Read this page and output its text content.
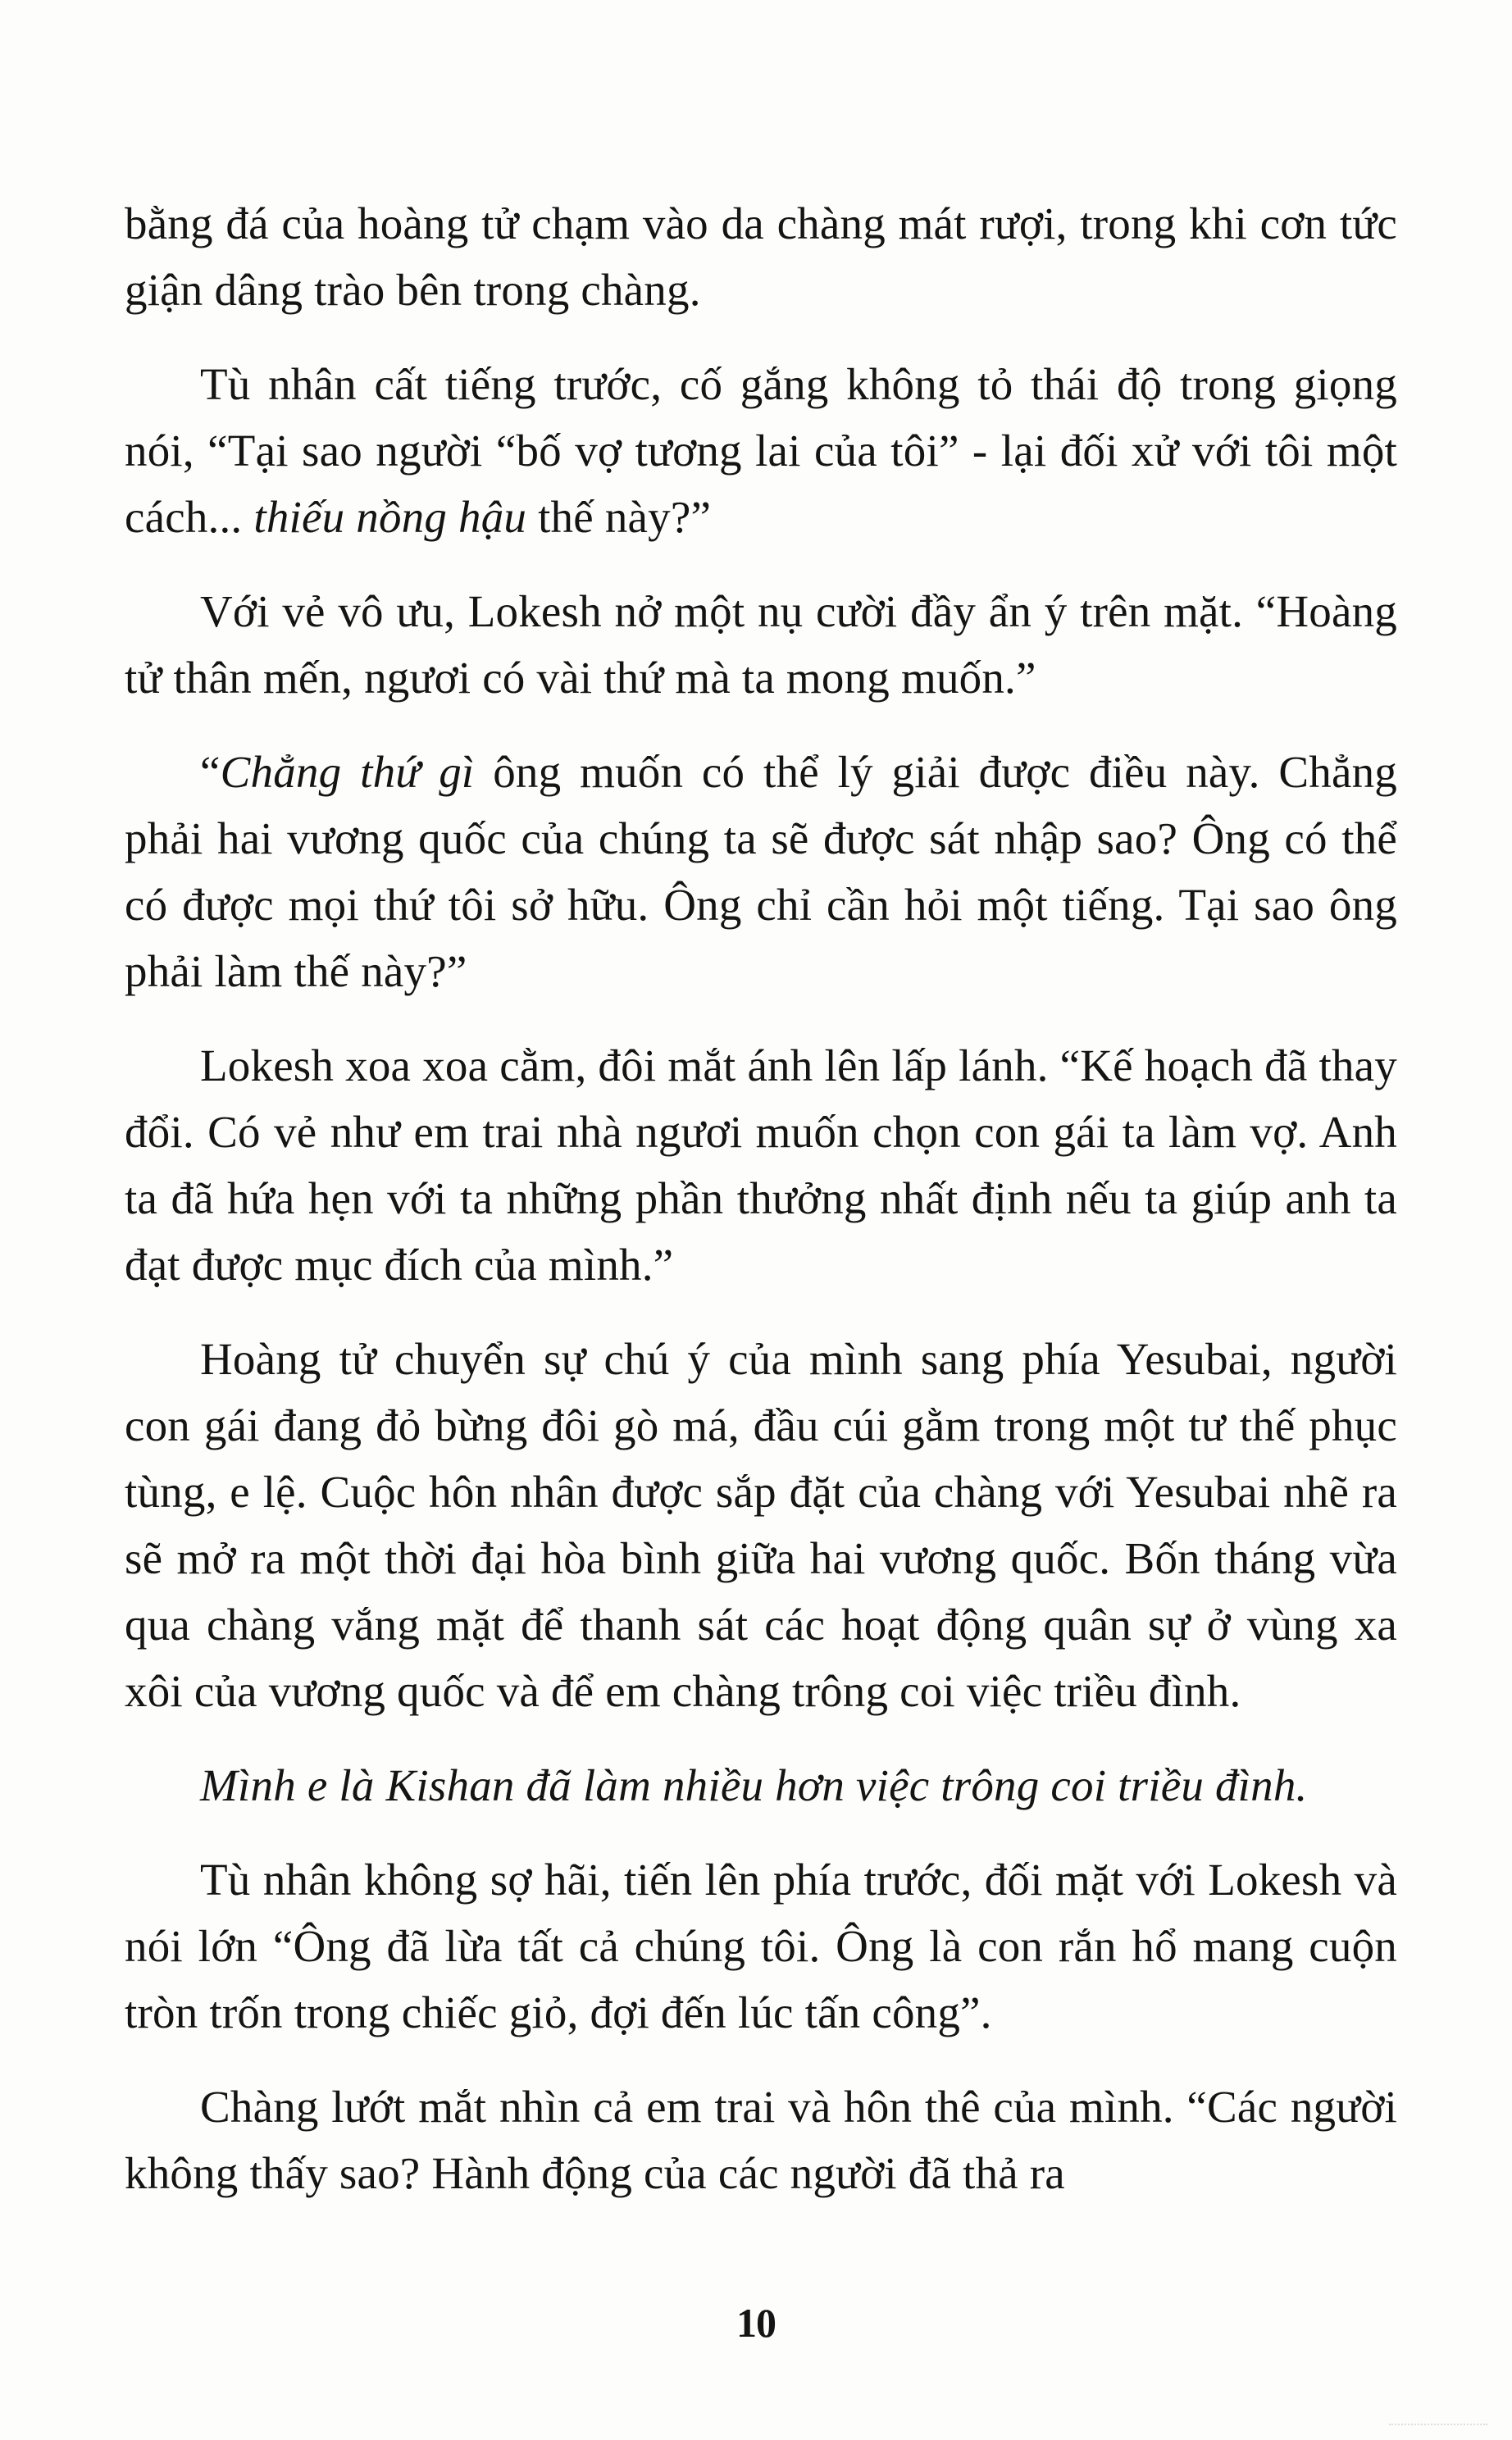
bằng đá của hoàng tử chạm vào da chàng mát rượi, trong khi cơn tức giận dâng trào bên trong chàng.

Tù nhân cất tiếng trước, cố gắng không tỏ thái độ trong giọng nói, “Tại sao người “bố vợ tương lai của tôi” - lại đối xử với tôi một cách... thiếu nồng hậu thế này?”

Với vẻ vô ưu, Lokesh nở một nụ cười đầy ẩn ý trên mặt. “Hoàng tử thân mến, ngươi có vài thứ mà ta mong muốn.”

“Chẳng thứ gì ông muốn có thể lý giải được điều này. Chẳng phải hai vương quốc của chúng ta sẽ được sát nhập sao? Ông có thể có được mọi thứ tôi sở hữu. Ông chỉ cần hỏi một tiếng. Tại sao ông phải làm thế này?”

Lokesh xoa xoa cằm, đôi mắt ánh lên lấp lánh. “Kế hoạch đã thay đổi. Có vẻ như em trai nhà ngươi muốn chọn con gái ta làm vợ. Anh ta đã hứa hẹn với ta những phần thưởng nhất định nếu ta giúp anh ta đạt được mục đích của mình.”

Hoàng tử chuyển sự chú ý của mình sang phía Yesubai, người con gái đang đỏ bừng đôi gò má, đầu cúi gằm trong một tư thế phục tùng, e lệ. Cuộc hôn nhân được sắp đặt của chàng với Yesubai nhẽ ra sẽ mở ra một thời đại hòa bình giữa hai vương quốc. Bốn tháng vừa qua chàng vắng mặt để thanh sát các hoạt động quân sự ở vùng xa xôi của vương quốc và để em chàng trông coi việc triều đình.

Mình e là Kishan đã làm nhiều hơn việc trông coi triều đình.

Tù nhân không sợ hãi, tiến lên phía trước, đối mặt với Lokesh và nói lớn “Ông đã lừa tất cả chúng tôi. Ông là con rắn hổ mang cuộn tròn trốn trong chiếc giỏ, đợi đến lúc tấn công”.

Chàng lướt mắt nhìn cả em trai và hôn thê của mình. “Các người không thấy sao? Hành động của các người đã thả ra

10
